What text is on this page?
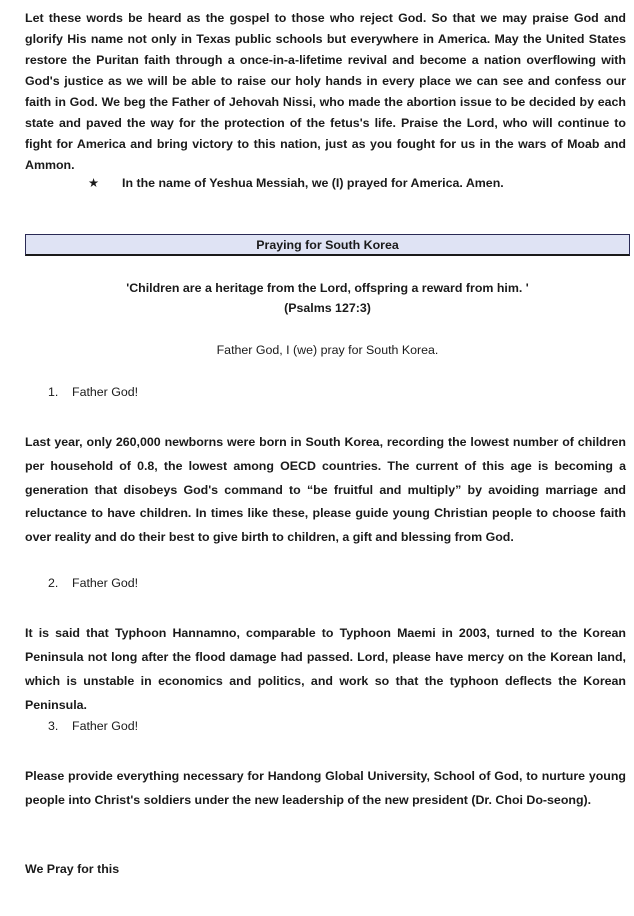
Let these words be heard as the gospel to those who reject God. So that we may praise God and glorify His name not only in Texas public schools but everywhere in America. May the United States restore the Puritan faith through a once-in-a-lifetime revival and become a nation overflowing with God's justice as we will be able to raise our holy hands in every place we can see and confess our faith in God. We beg the Father of Jehovah Nissi, who made the abortion issue to be decided by each state and paved the way for the protection of the fetus's life. Praise the Lord, who will continue to fight for America and bring victory to this nation, just as you fought for us in the wars of Moab and Ammon.

★ In the name of Yeshua Messiah, we (I) prayed for America. Amen.
Praying for South Korea
'Children are a heritage from the Lord, offspring a reward from him. '
(Psalms 127:3)
Father God, I (we) pray for South Korea.
1. Father God!

Last year, only 260,000 newborns were born in South Korea, recording the lowest number of children per household of 0.8, the lowest among OECD countries. The current of this age is becoming a generation that disobeys God's command to “be fruitful and multiply” by avoiding marriage and reluctance to have children. In times like these, please guide young Christian people to choose faith over reality and do their best to give birth to children, a gift and blessing from God.

2. Father God!

It is said that Typhoon Hannamno, comparable to Typhoon Maemi in 2003, turned to the Korean Peninsula not long after the flood damage had passed. Lord, please have mercy on the Korean land, which is unstable in economics and politics, and work so that the typhoon deflects the Korean Peninsula.

3. Father God!

Please provide everything necessary for Handong Global University, School of God, to nurture young people into Christ's soldiers under the new leadership of the new president (Dr. Choi Do-seong).

We Pray for this
